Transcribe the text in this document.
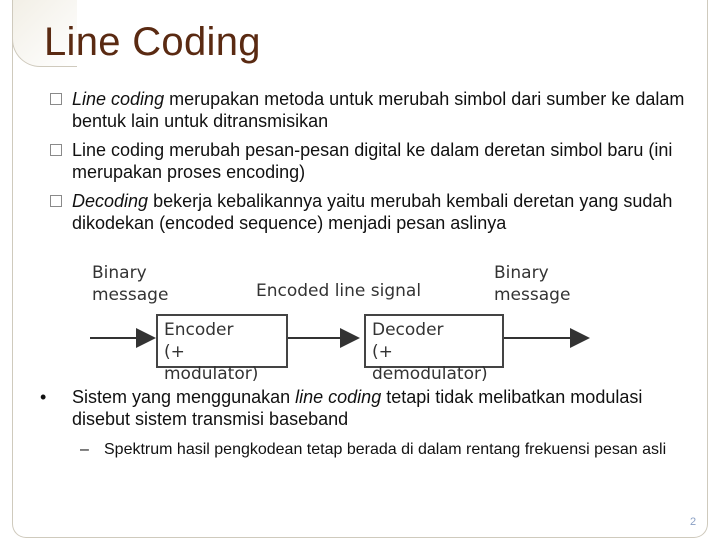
Line Coding
Line coding merupakan metoda untuk merubah simbol dari sumber ke dalam bentuk lain untuk ditransmisikan
Line coding merubah pesan-pesan digital ke dalam deretan simbol baru (ini merupakan proses encoding)
Decoding bekerja kebalikannya yaitu merubah kembali deretan yang sudah dikodekan (encoded sequence) menjadi pesan aslinya
Binary
message	Encoded line signal
Binary
message
Encoder
(+ modulator)
Decoder
(+ demodulator)
• Sistem yang menggunakan line coding tetapi tidak melibatkan modulasi disebut sistem transmisi baseband
– Spektrum hasil pengkodean tetap berada di dalam rentang frekuensi pesan asli
2
